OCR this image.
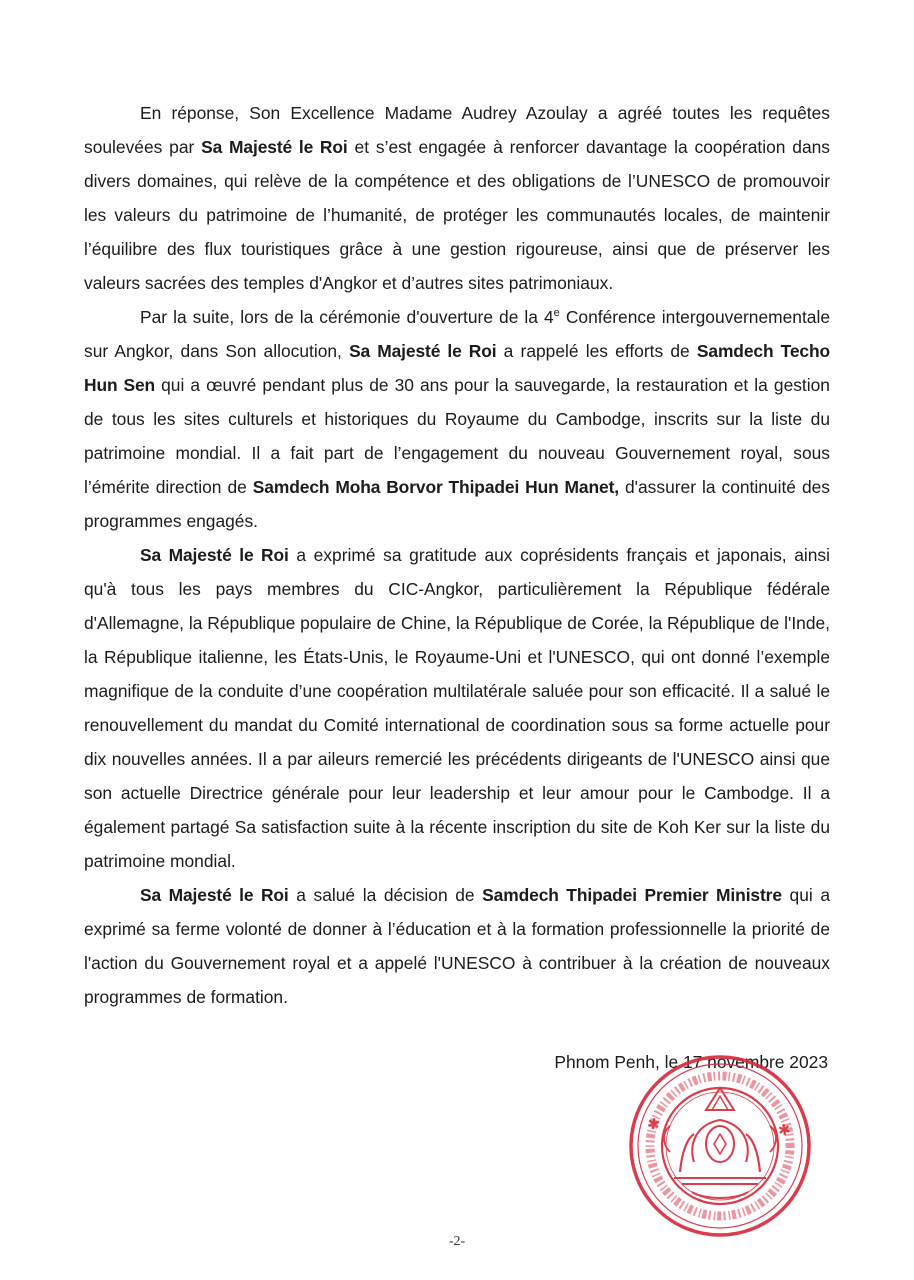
En réponse, Son Excellence Madame Audrey Azoulay a agréé toutes les requêtes soulevées par Sa Majesté le Roi et s’est engagée à renforcer davantage la coopération dans divers domaines, qui relève de la compétence et des obligations de l’UNESCO de promouvoir les valeurs du patrimoine de l’humanité, de protéger les communautés locales, de maintenir l’équilibre des flux touristiques grâce à une gestion rigoureuse, ainsi que de préserver les valeurs sacrées des temples d'Angkor et d’autres sites patrimoniaux.

Par la suite, lors de la cérémonie d'ouverture de la 4e Conférence intergouvernementale sur Angkor, dans Son allocution, Sa Majesté le Roi a rappelé les efforts de Samdech Techo Hun Sen qui a œuvré pendant plus de 30 ans pour la sauvegarde, la restauration et la gestion de tous les sites culturels et historiques du Royaume du Cambodge, inscrits sur la liste du patrimoine mondial. Il a fait part de l’engagement du nouveau Gouvernement royal, sous l’émérite direction de Samdech Moha Borvor Thipadei Hun Manet, d'assurer la continuité des programmes engagés.

Sa Majesté le Roi a exprimé sa gratitude aux coprésidents français et japonais, ainsi qu'à tous les pays membres du CIC-Angkor, particulièrement la République fédérale d'Allemagne, la République populaire de Chine, la République de Corée, la République de l'Inde, la République italienne, les États-Unis, le Royaume-Uni et l'UNESCO, qui ont donné l’exemple magnifique de la conduite d’une coopération multilatérale saluée pour son efficacité. Il a salué le renouvellement du mandat du Comité international de coordination sous sa forme actuelle pour dix nouvelles années. Il a par aileurs remercié les précédents dirigeants de l'UNESCO ainsi que son actuelle Directrice générale pour leur leadership et leur amour pour le Cambodge. Il a également partagé Sa satisfaction suite à la récente inscription du site de Koh Ker sur la liste du patrimoine mondial.

Sa Majesté le Roi a salué la décision de Samdech Thipadei Premier Ministre qui a exprimé sa ferme volonté de donner à l’éducation et à la formation professionnelle la priorité de l'action du Gouvernement royal et a appelé l'UNESCO à contribuer à la création de nouveaux programmes de formation.

Phnom Penh, le 17 novembre 2023
✱	✱
-2-
